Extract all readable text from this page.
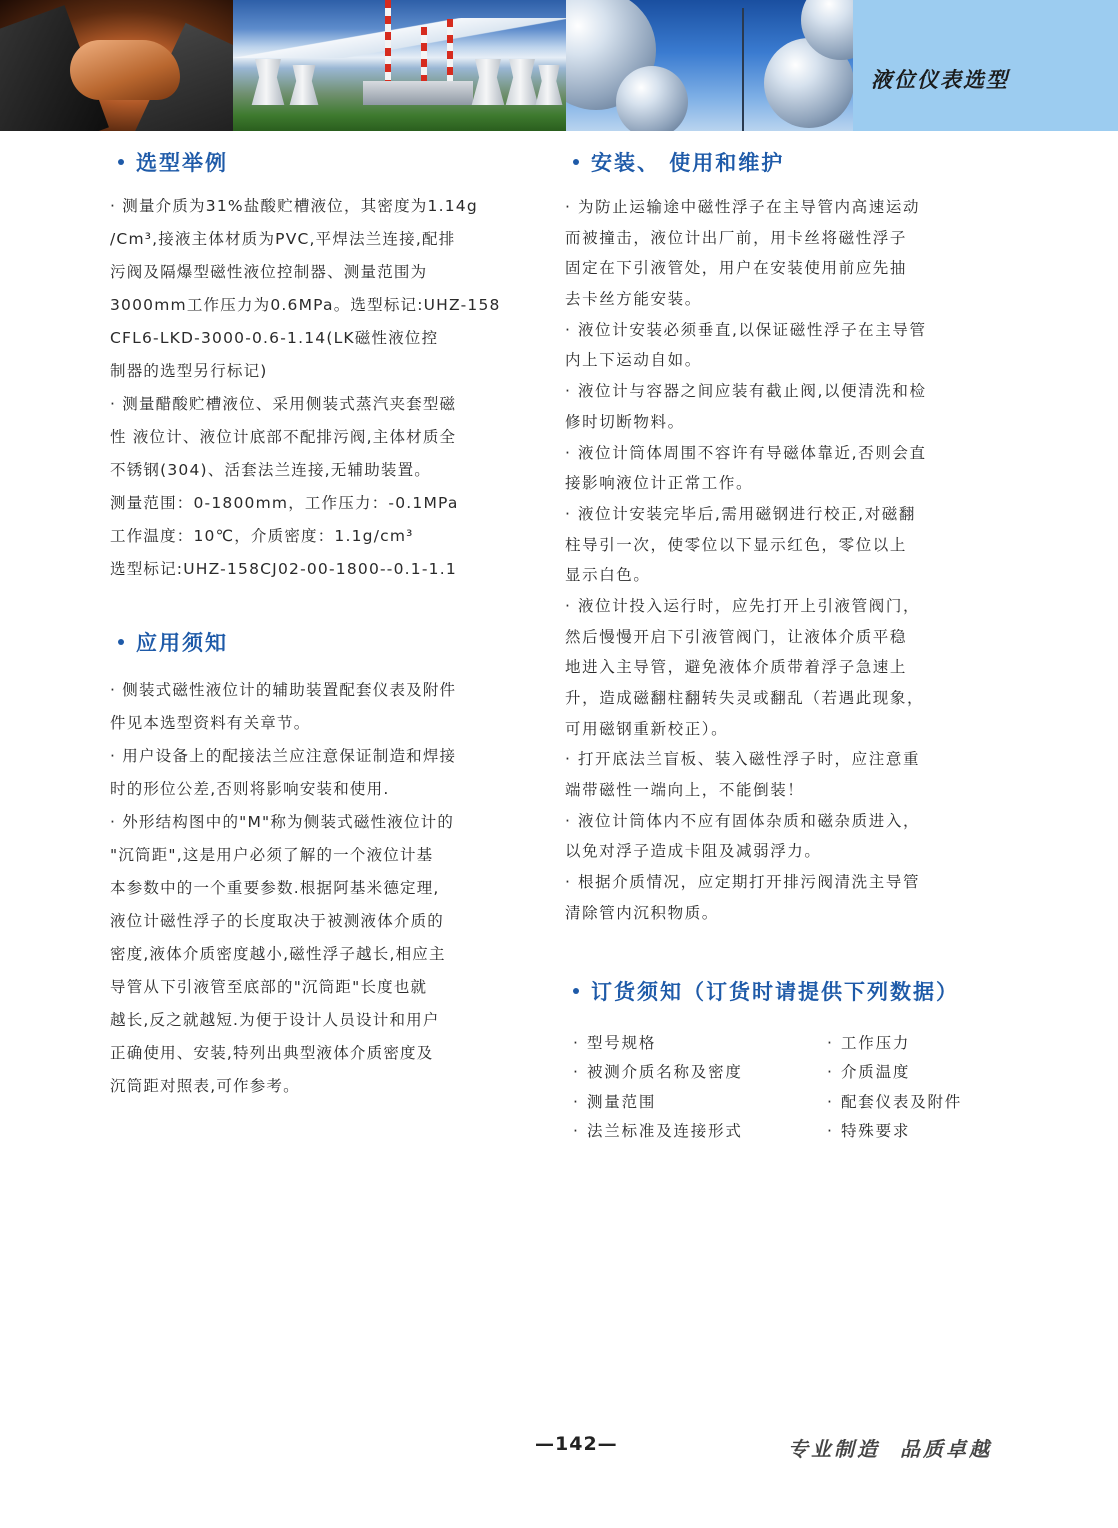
液位仪表选型
选型举例
· 测量介质为31%盐酸贮槽液位，其密度为1.14g
/Cm³,接液主体材质为PVC,平焊法兰连接,配排
污阀及隔爆型磁性液位控制器、测量范围为
3000mm工作压力为0.6MPa。选型标记:UHZ-158
CFL6-LKD-3000-0.6-1.14(LK磁性液位控
制器的选型另行标记)
· 测量醋酸贮槽液位、采用侧装式蒸汽夹套型磁
性 液位计、液位计底部不配排污阀,主体材质全
不锈钢(304)、活套法兰连接,无辅助装置。
测量范围：0-1800mm，工作压力：-0.1MPa
工作温度：10℃，介质密度：1.1g/cm³
选型标记:UHZ-158CJ02-00-1800--0.1-1.1
应用须知
· 侧装式磁性液位计的辅助装置配套仪表及附件
件见本选型资料有关章节。
· 用户设备上的配接法兰应注意保证制造和焊接
时的形位公差,否则将影响安装和使用.
· 外形结构图中的"M"称为侧装式磁性液位计的
"沉筒距",这是用户必须了解的一个液位计基
本参数中的一个重要参数.根据阿基米德定理,
液位计磁性浮子的长度取决于被测液体介质的
密度,液体介质密度越小,磁性浮子越长,相应主
导管从下引液管至底部的"沉筒距"长度也就
越长,反之就越短.为便于设计人员设计和用户
正确使用、安装,特列出典型液体介质密度及
沉筒距对照表,可作参考。
安装、 使用和维护
· 为防止运输途中磁性浮子在主导管内高速运动
而被撞击，液位计出厂前，用卡丝将磁性浮子
固定在下引液管处，用户在安装使用前应先抽
去卡丝方能安装。
· 液位计安装必须垂直,以保证磁性浮子在主导管
内上下运动自如。
· 液位计与容器之间应装有截止阀,以便清洗和检
修时切断物料。
· 液位计筒体周围不容许有导磁体靠近,否则会直
接影响液位计正常工作。
· 液位计安装完毕后,需用磁钢进行校正,对磁翻
柱导引一次，使零位以下显示红色，零位以上
显示白色。
· 液位计投入运行时，应先打开上引液管阀门，
然后慢慢开启下引液管阀门，让液体介质平稳
地进入主导管，避免液体介质带着浮子急速上
升，造成磁翻柱翻转失灵或翻乱（若遇此现象，
可用磁钢重新校正）。
· 打开底法兰盲板、装入磁性浮子时，应注意重
端带磁性一端向上，不能倒装！
· 液位计筒体内不应有固体杂质和磁杂质进入，
以免对浮子造成卡阻及减弱浮力。
· 根据介质情况，应定期打开排污阀清洗主导管
清除管内沉积物质。
订货须知（订货时请提供下列数据）
· 型号规格	· 工作压力
· 被测介质名称及密度	· 介质温度
· 测量范围	· 配套仪表及附件
· 法兰标准及连接形式	· 特殊要求
—142—	专业制造 品质卓越
